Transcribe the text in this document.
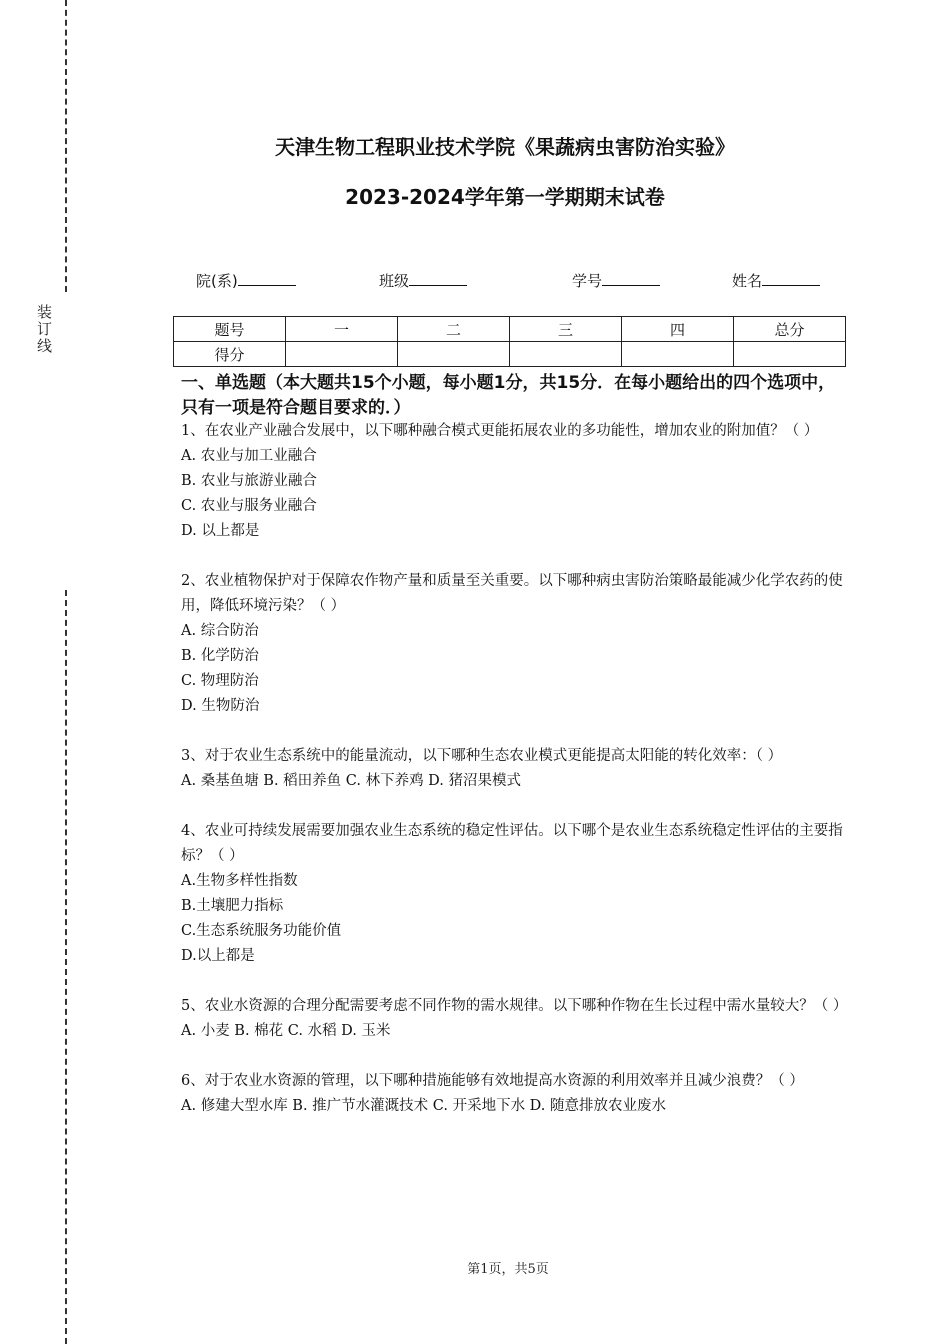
装订线
天津生物工程职业技术学院《果蔬病虫害防治实验》
2023-2024学年第一学期期末试卷
院(系)	班级	学号	姓名
题号	一	二	三	四	总分
得分					
一、单选题（本大题共15个小题，每小题1分，共15分．在每小题给出的四个选项中，只有一项是符合题目要求的．）

1、在农业产业融合发展中，以下哪种融合模式更能拓展农业的多功能性，增加农业的附加值？（ ）

A. 农业与加工业融合

B. 农业与旅游业融合

C. 农业与服务业融合

D. 以上都是

2、农业植物保护对于保障农作物产量和质量至关重要。以下哪种病虫害防治策略最能减少化学农药的使用，降低环境污染？（ ）

A. 综合防治

B. 化学防治

C. 物理防治

D. 生物防治

3、对于农业生态系统中的能量流动，以下哪种生态农业模式更能提高太阳能的转化效率：（ ）

A. 桑基鱼塘 B. 稻田养鱼 C. 林下养鸡 D. 猪沼果模式

4、农业可持续发展需要加强农业生态系统的稳定性评估。以下哪个是农业生态系统稳定性评估的主要指标？（ ）

A.生物多样性指数

B.土壤肥力指标

C.生态系统服务功能价值

D.以上都是

5、农业水资源的合理分配需要考虑不同作物的需水规律。以下哪种作物在生长过程中需水量较大？（ ）

A. 小麦 B. 棉花 C. 水稻 D. 玉米

6、对于农业水资源的管理，以下哪种措施能够有效地提高水资源的利用效率并且减少浪费？（ ）

A. 修建大型水库 B. 推广节水灌溉技术 C. 开采地下水 D. 随意排放农业废水

第1页，共5页
